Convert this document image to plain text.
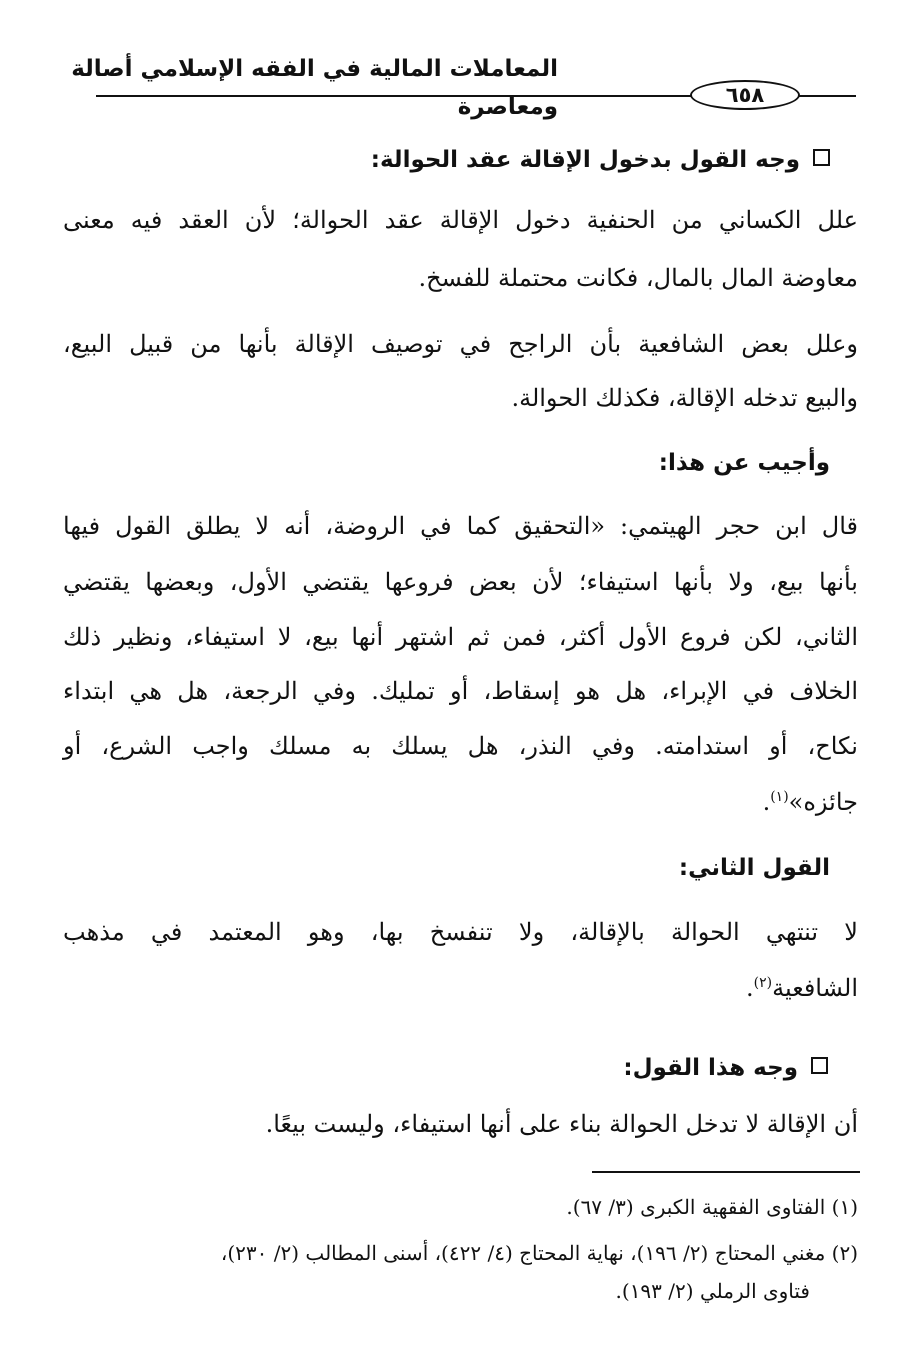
المعاملات المالية في الفقه الإسلامي أصالة ومعاصرة	٦٥٨
وجه القول بدخول الإقالة عقد الحوالة:
علل الكساني من الحنفية دخول الإقالة عقد الحوالة؛ لأن العقد فيه معنى
معاوضة المال بالمال، فكانت محتملة للفسخ.
وعلل بعض الشافعية بأن الراجح في توصيف الإقالة بأنها من قبيل البيع،
والبيع تدخله الإقالة، فكذلك الحوالة.
وأجيب عن هذا:
قال ابن حجر الهيتمي: «التحقيق كما في الروضة، أنه لا يطلق القول فيها
بأنها بيع، ولا بأنها استيفاء؛ لأن بعض فروعها يقتضي الأول، وبعضها يقتضي
الثاني، لكن فروع الأول أكثر، فمن ثم اشتهر أنها بيع، لا استيفاء، ونظير ذلك
الخلاف في الإبراء، هل هو إسقاط، أو تمليك. وفي الرجعة، هل هي ابتداء
نكاح، أو استدامته. وفي النذر، هل يسلك به مسلك واجب الشرع، أو
جائزه»$^{(١)}$.
القول الثاني:
لا تنتهي الحوالة بالإقالة، ولا تنفسخ بها، وهو المعتمد في مذهب
الشافعية$^{(٢)}$.
وجه هذا القول:
أن الإقالة لا تدخل الحوالة بناء على أنها استيفاء، وليست بيعًا.
(١) الفتاوى الفقهية الكبرى (٣/ ٦٧).
(٢) مغني المحتاج (٢/ ١٩٦)، نهاية المحتاج (٤/ ٤٢٢)، أسنى المطالب (٢/ ٢٣٠)،
فتاوى الرملي (٢/ ١٩٣).
